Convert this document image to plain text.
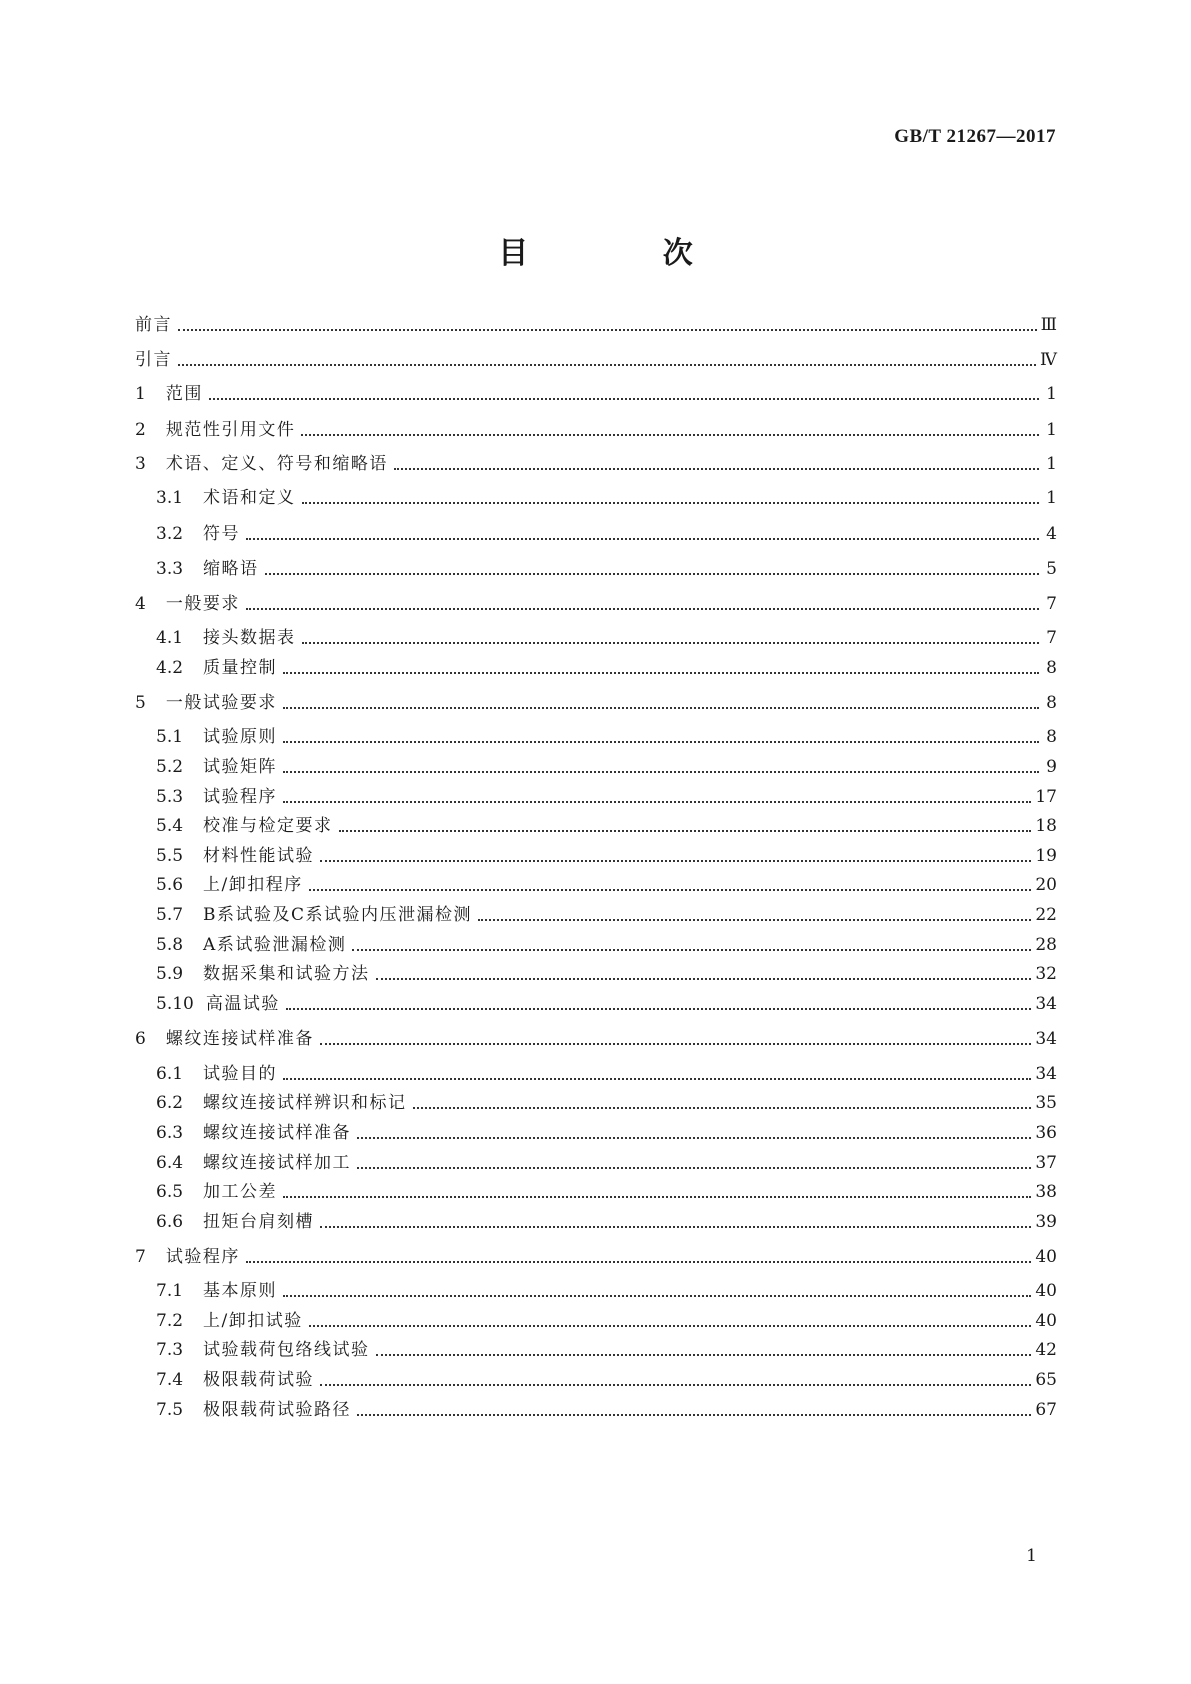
GB/T 21267—2017
目 次
前言	Ⅲ
引言	Ⅳ
1 范围	1
2 规范性引用文件	1
3 术语、定义、符号和缩略语	1
3.1 术语和定义	1
3.2 符号	4
3.3 缩略语	5
4 一般要求	7
4.1 接头数据表	7
4.2 质量控制	8
5 一般试验要求	8
5.1 试验原则	8
5.2 试验矩阵	9
5.3 试验程序	17
5.4 校准与检定要求	18
5.5 材料性能试验	19
5.6 上/卸扣程序	20
5.7 B系试验及C系试验内压泄漏检测	22
5.8 A系试验泄漏检测	28
5.9 数据采集和试验方法	32
5.10 高温试验	34
6 螺纹连接试样准备	34
6.1 试验目的	34
6.2 螺纹连接试样辨识和标记	35
6.3 螺纹连接试样准备	36
6.4 螺纹连接试样加工	37
6.5 加工公差	38
6.6 扭矩台肩刻槽	39
7 试验程序	40
7.1 基本原则	40
7.2 上/卸扣试验	40
7.3 试验载荷包络线试验	42
7.4 极限载荷试验	65
7.5 极限载荷试验路径	67
1
